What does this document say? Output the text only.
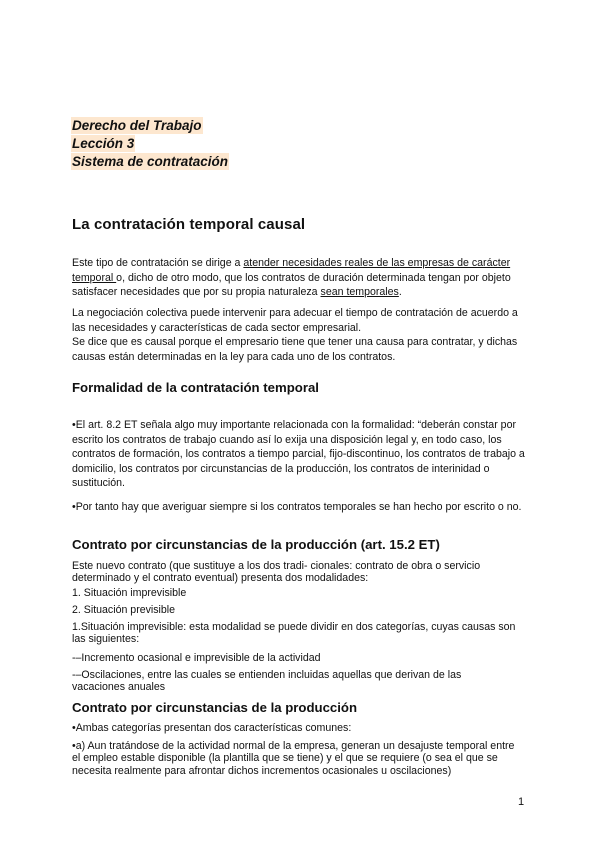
Derecho del Trabajo
Lección 3
Sistema de contratación
La contratación temporal causal

Este tipo de contratación se dirige a atender necesidades reales de las empresas de carácter temporal o, dicho de otro modo, que los contratos de duración determinada tengan por objeto satisfacer necesidades que por su propia naturaleza sean temporales.

La negociación colectiva puede intervenir para adecuar el tiempo de contratación de acuerdo a las necesidades y características de cada sector empresarial.

Se dice que es causal porque el empresario tiene que tener una causa para contratar, y dichas causas están determinadas en la ley para cada uno de los contratos.

Formalidad de la contratación temporal

•El art. 8.2 ET señala algo muy importante relacionada con la formalidad: “deberán constar por escrito los contratos de trabajo cuando así lo exija una disposición legal y, en todo caso, los contratos de formación, los contratos a tiempo parcial, fijo-discontinuo, los contratos de trabajo a domicilio, los contratos por circunstancias de la producción, los contratos de interinidad o sustitución.

•Por tanto hay que averiguar siempre si los contratos temporales se han hecho por escrito o no.

Contrato por circunstancias de la producción (art. 15.2 ET)

Este nuevo contrato (que sustituye a los dos tradi- cionales: contrato de obra o servicio determinado y el contrato eventual) presenta dos modalidades:

1. Situación imprevisible

2. Situación previsible

1.Situación imprevisible: esta modalidad se puede dividir en dos categorías, cuyas causas son las siguientes:

-–Incremento ocasional e imprevisible de la actividad

-–Oscilaciones, entre las cuales se entienden incluidas aquellas que derivan de las vacaciones anuales

Contrato por circunstancias de la producción

•Ambas categorías presentan dos características comunes:

•a) Aun tratándose de la actividad normal de la empresa, generan un desajuste temporal entre el empleo estable disponible (la plantilla que se tiene) y el que se requiere (o sea el que se necesita realmente para afrontar dichos incrementos ocasionales u oscilaciones)

1
